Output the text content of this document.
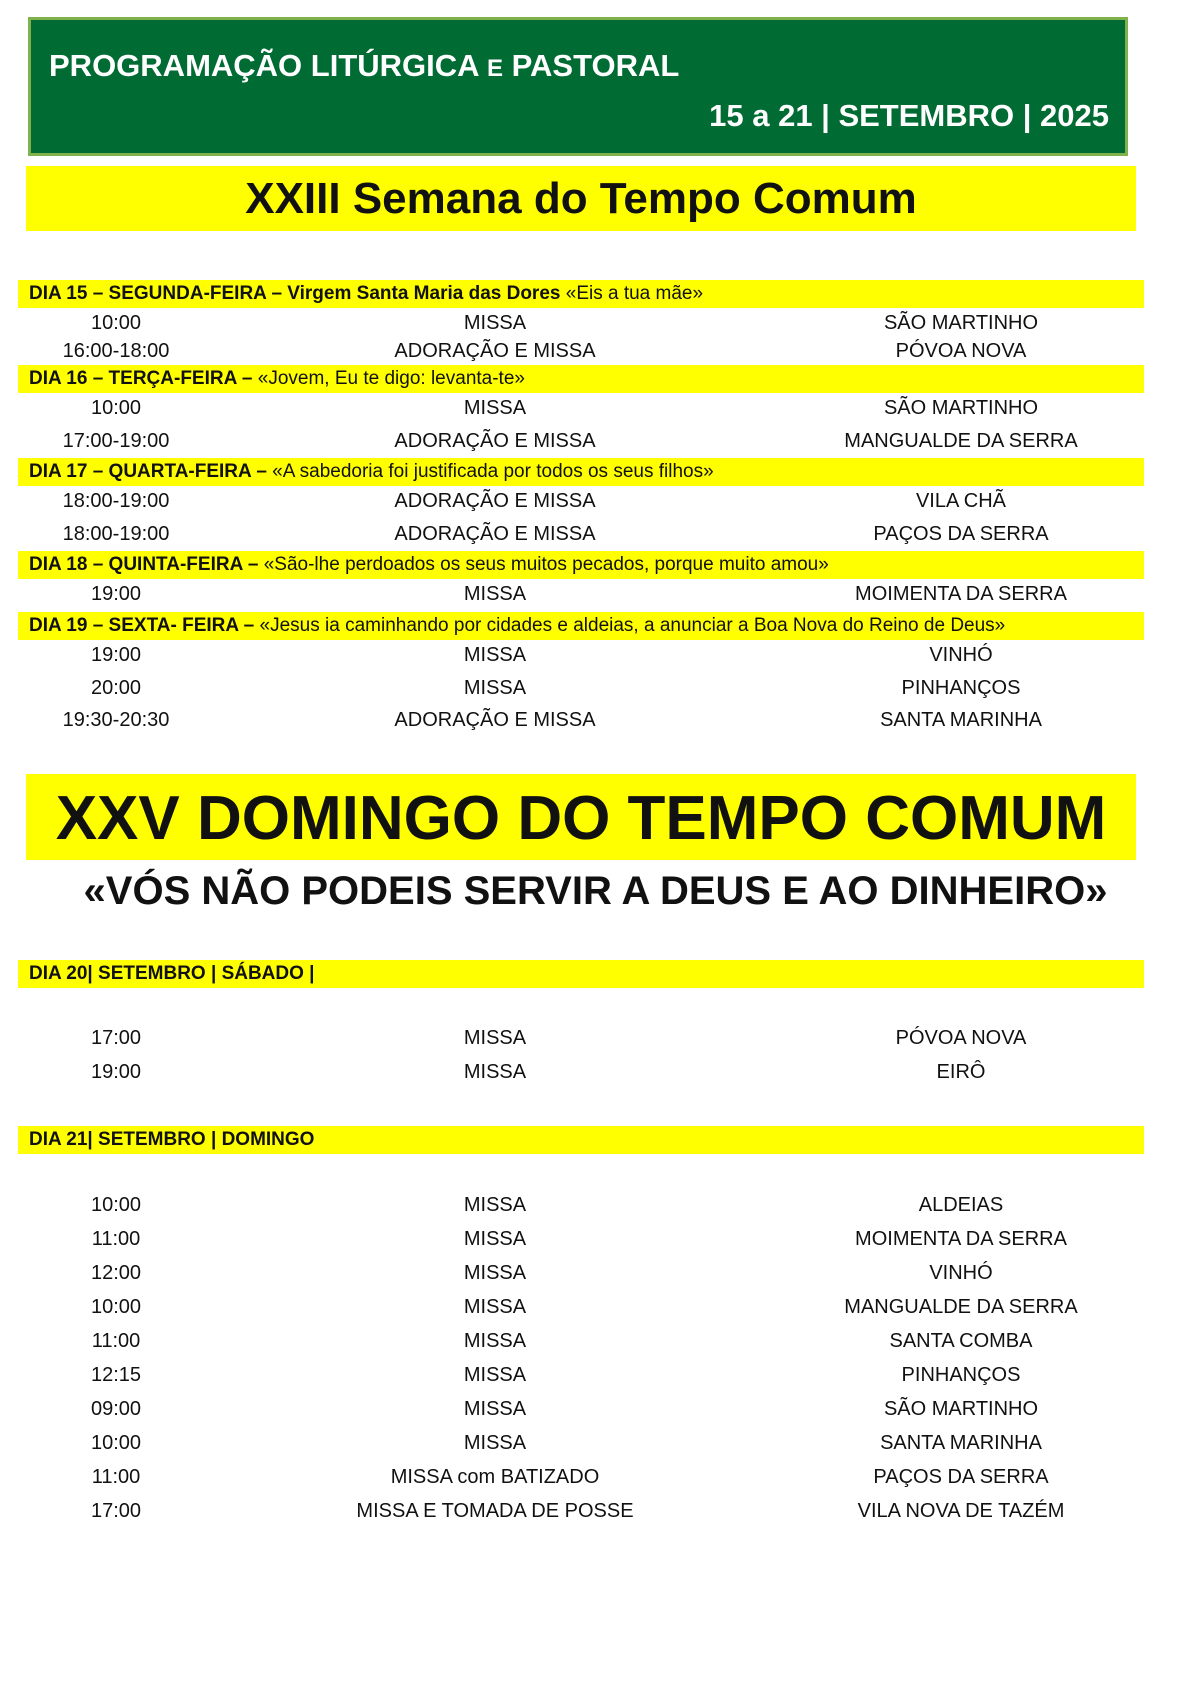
PROGRAMAÇÃO LITÚRGICA E PASTORAL
15 a 21 | SETEMBRO | 2025
XXIII Semana do Tempo Comum
DIA 15 – SEGUNDA-FEIRA – Virgem Santa Maria das Dores «Eis a tua mãe»
10:00	MISSA	SÃO MARTINHO
16:00-18:00	ADORAÇÃO E MISSA	PÓVOA NOVA
DIA 16 – TERÇA-FEIRA – «Jovem, Eu te digo: levanta-te»
10:00	MISSA	SÃO MARTINHO
17:00-19:00	ADORAÇÃO E MISSA	MANGUALDE DA SERRA
DIA 17 – QUARTA-FEIRA – «A sabedoria foi justificada por todos os seus filhos»
18:00-19:00	ADORAÇÃO E MISSA	VILA CHÃ
18:00-19:00	ADORAÇÃO E MISSA	PAÇOS DA SERRA
DIA 18 – QUINTA-FEIRA – «São-lhe perdoados os seus muitos pecados, porque muito amou»
19:00	MISSA	MOIMENTA DA SERRA
DIA 19 – SEXTA- FEIRA – «Jesus ia caminhando por cidades e aldeias, a anunciar a Boa Nova do Reino de Deus»
19:00	MISSA	VINHÓ
20:00	MISSA	PINHANÇOS
19:30-20:30	ADORAÇÃO E MISSA	SANTA MARINHA
XXV DOMINGO DO TEMPO COMUM
«VÓS NÃO PODEIS SERVIR A DEUS E AO DINHEIRO»
DIA 20| SETEMBRO | SÁBADO |
17:00	MISSA	PÓVOA NOVA
19:00	MISSA	EIRÔ
DIA 21| SETEMBRO | DOMINGO
10:00	MISSA	ALDEIAS
11:00	MISSA	MOIMENTA DA SERRA
12:00	MISSA	VINHÓ
10:00	MISSA	MANGUALDE DA SERRA
11:00	MISSA	SANTA COMBA
12:15	MISSA	PINHANÇOS
09:00	MISSA	SÃO MARTINHO
10:00	MISSA	SANTA MARINHA
11:00	MISSA com BATIZADO	PAÇOS DA SERRA
17:00	MISSA E TOMADA DE POSSE	VILA NOVA DE TAZÉM
